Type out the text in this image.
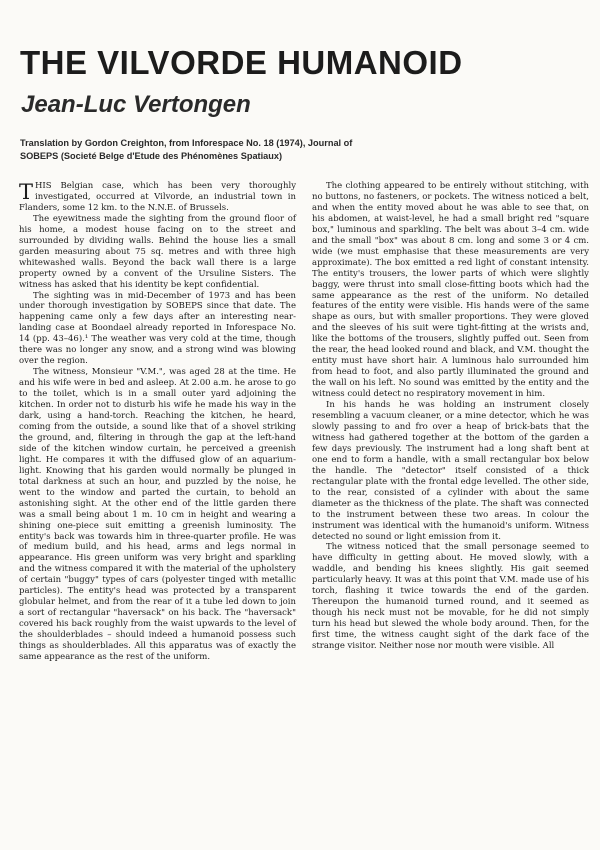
THE VILVORDE HUMANOID
Jean-Luc Vertongen
Translation by Gordon Creighton, from Inforespace No. 18 (1974), Journal of
SOBEPS (Societé Belge d'Etude des Phénomènes Spatiaux)

THIS Belgian case, which has been very thoroughly investigated, occurred at Vilvorde, an industrial town in Flanders, some 12 km. to the N.N.E. of Brussels.

The eyewitness made the sighting from the ground floor of his home, a modest house facing on to the street and surrounded by dividing walls. Behind the house lies a small garden measuring about 75 sq. metres and with three high whitewashed walls. Beyond the back wall there is a large property owned by a convent of the Ursuline Sisters. The witness has asked that his identity be kept confidential.

The sighting was in mid-December of 1973 and has been under thorough investigation by SOBEPS since that date. The happening came only a few days after an interesting near-landing case at Boondael already reported in Inforespace No. 14 (pp. 43–46).¹ The weather was very cold at the time, though there was no longer any snow, and a strong wind was blowing over the region.

The witness, Monsieur "V.M.", was aged 28 at the time. He and his wife were in bed and asleep. At 2.00 a.m. he arose to go to the toilet, which is in a small outer yard adjoining the kitchen. In order not to disturb his wife he made his way in the dark, using a hand-torch. Reaching the kitchen, he heard, coming from the outside, a sound like that of a shovel striking the ground, and, filtering in through the gap at the left-hand side of the kitchen window curtain, he perceived a greenish light. He compares it with the diffused glow of an aquarium-light. Knowing that his garden would normally be plunged in total darkness at such an hour, and puzzled by the noise, he went to the window and parted the curtain, to behold an astonishing sight. At the other end of the little garden there was a small being about 1 m. 10 cm in height and wearing a shining one-piece suit emitting a greenish luminosity. The entity's back was towards him in three-quarter profile. He was of medium build, and his head, arms and legs normal in appearance. His green uniform was very bright and sparkling and the witness compared it with the material of the upholstery of certain "buggy" types of cars (polyester tinged with metallic particles). The entity's head was protected by a transparent globular helmet, and from the rear of it a tube led down to join a sort of rectangular "haversack" on his back. The "haversack" covered his back roughly from the waist upwards to the level of the shoulderblades – should indeed a humanoid possess such things as shoulderblades. All this apparatus was of exactly the same appearance as the rest of the uniform.

The clothing appeared to be entirely without stitching, with no buttons, no fasteners, or pockets. The witness noticed a belt, and when the entity moved about he was able to see that, on his abdomen, at waist-level, he had a small bright red "square box," luminous and sparkling. The belt was about 3–4 cm. wide and the small "box" was about 8 cm. long and some 3 or 4 cm. wide (we must emphasise that these measurements are very approximate). The box emitted a red light of constant intensity. The entity's trousers, the lower parts of which were slightly baggy, were thrust into small close-fitting boots which had the same appearance as the rest of the uniform. No detailed features of the entity were visible. His hands were of the same shape as ours, but with smaller proportions. They were gloved and the sleeves of his suit were tight-fitting at the wrists and, like the bottoms of the trousers, slightly puffed out. Seen from the rear, the head looked round and black, and V.M. thought the entity must have short hair. A luminous halo surrounded him from head to foot, and also partly illuminated the ground and the wall on his left. No sound was emitted by the entity and the witness could detect no respiratory movement in him.

In his hands he was holding an instrument closely resembling a vacuum cleaner, or a mine detector, which he was slowly passing to and fro over a heap of brick-bats that the witness had gathered together at the bottom of the garden a few days previously. The instrument had a long shaft bent at one end to form a handle, with a small rectangular box below the handle. The "detector" itself consisted of a thick rectangular plate with the frontal edge levelled. The other side, to the rear, consisted of a cylinder with about the same diameter as the thickness of the plate. The shaft was connected to the instrument between these two areas. In colour the instrument was identical with the humanoid's uniform. Witness detected no sound or light emission from it.

The witness noticed that the small personage seemed to have difficulty in getting about. He moved slowly, with a waddle, and bending his knees slightly. His gait seemed particularly heavy. It was at this point that V.M. made use of his torch, flashing it twice towards the end of the garden. Thereupon the humanoid turned round, and it seemed as though his neck must not be movable, for he did not simply turn his head but slewed the whole body around. Then, for the first time, the witness caught sight of the dark face of the strange visitor. Neither nose nor mouth were visible. All
